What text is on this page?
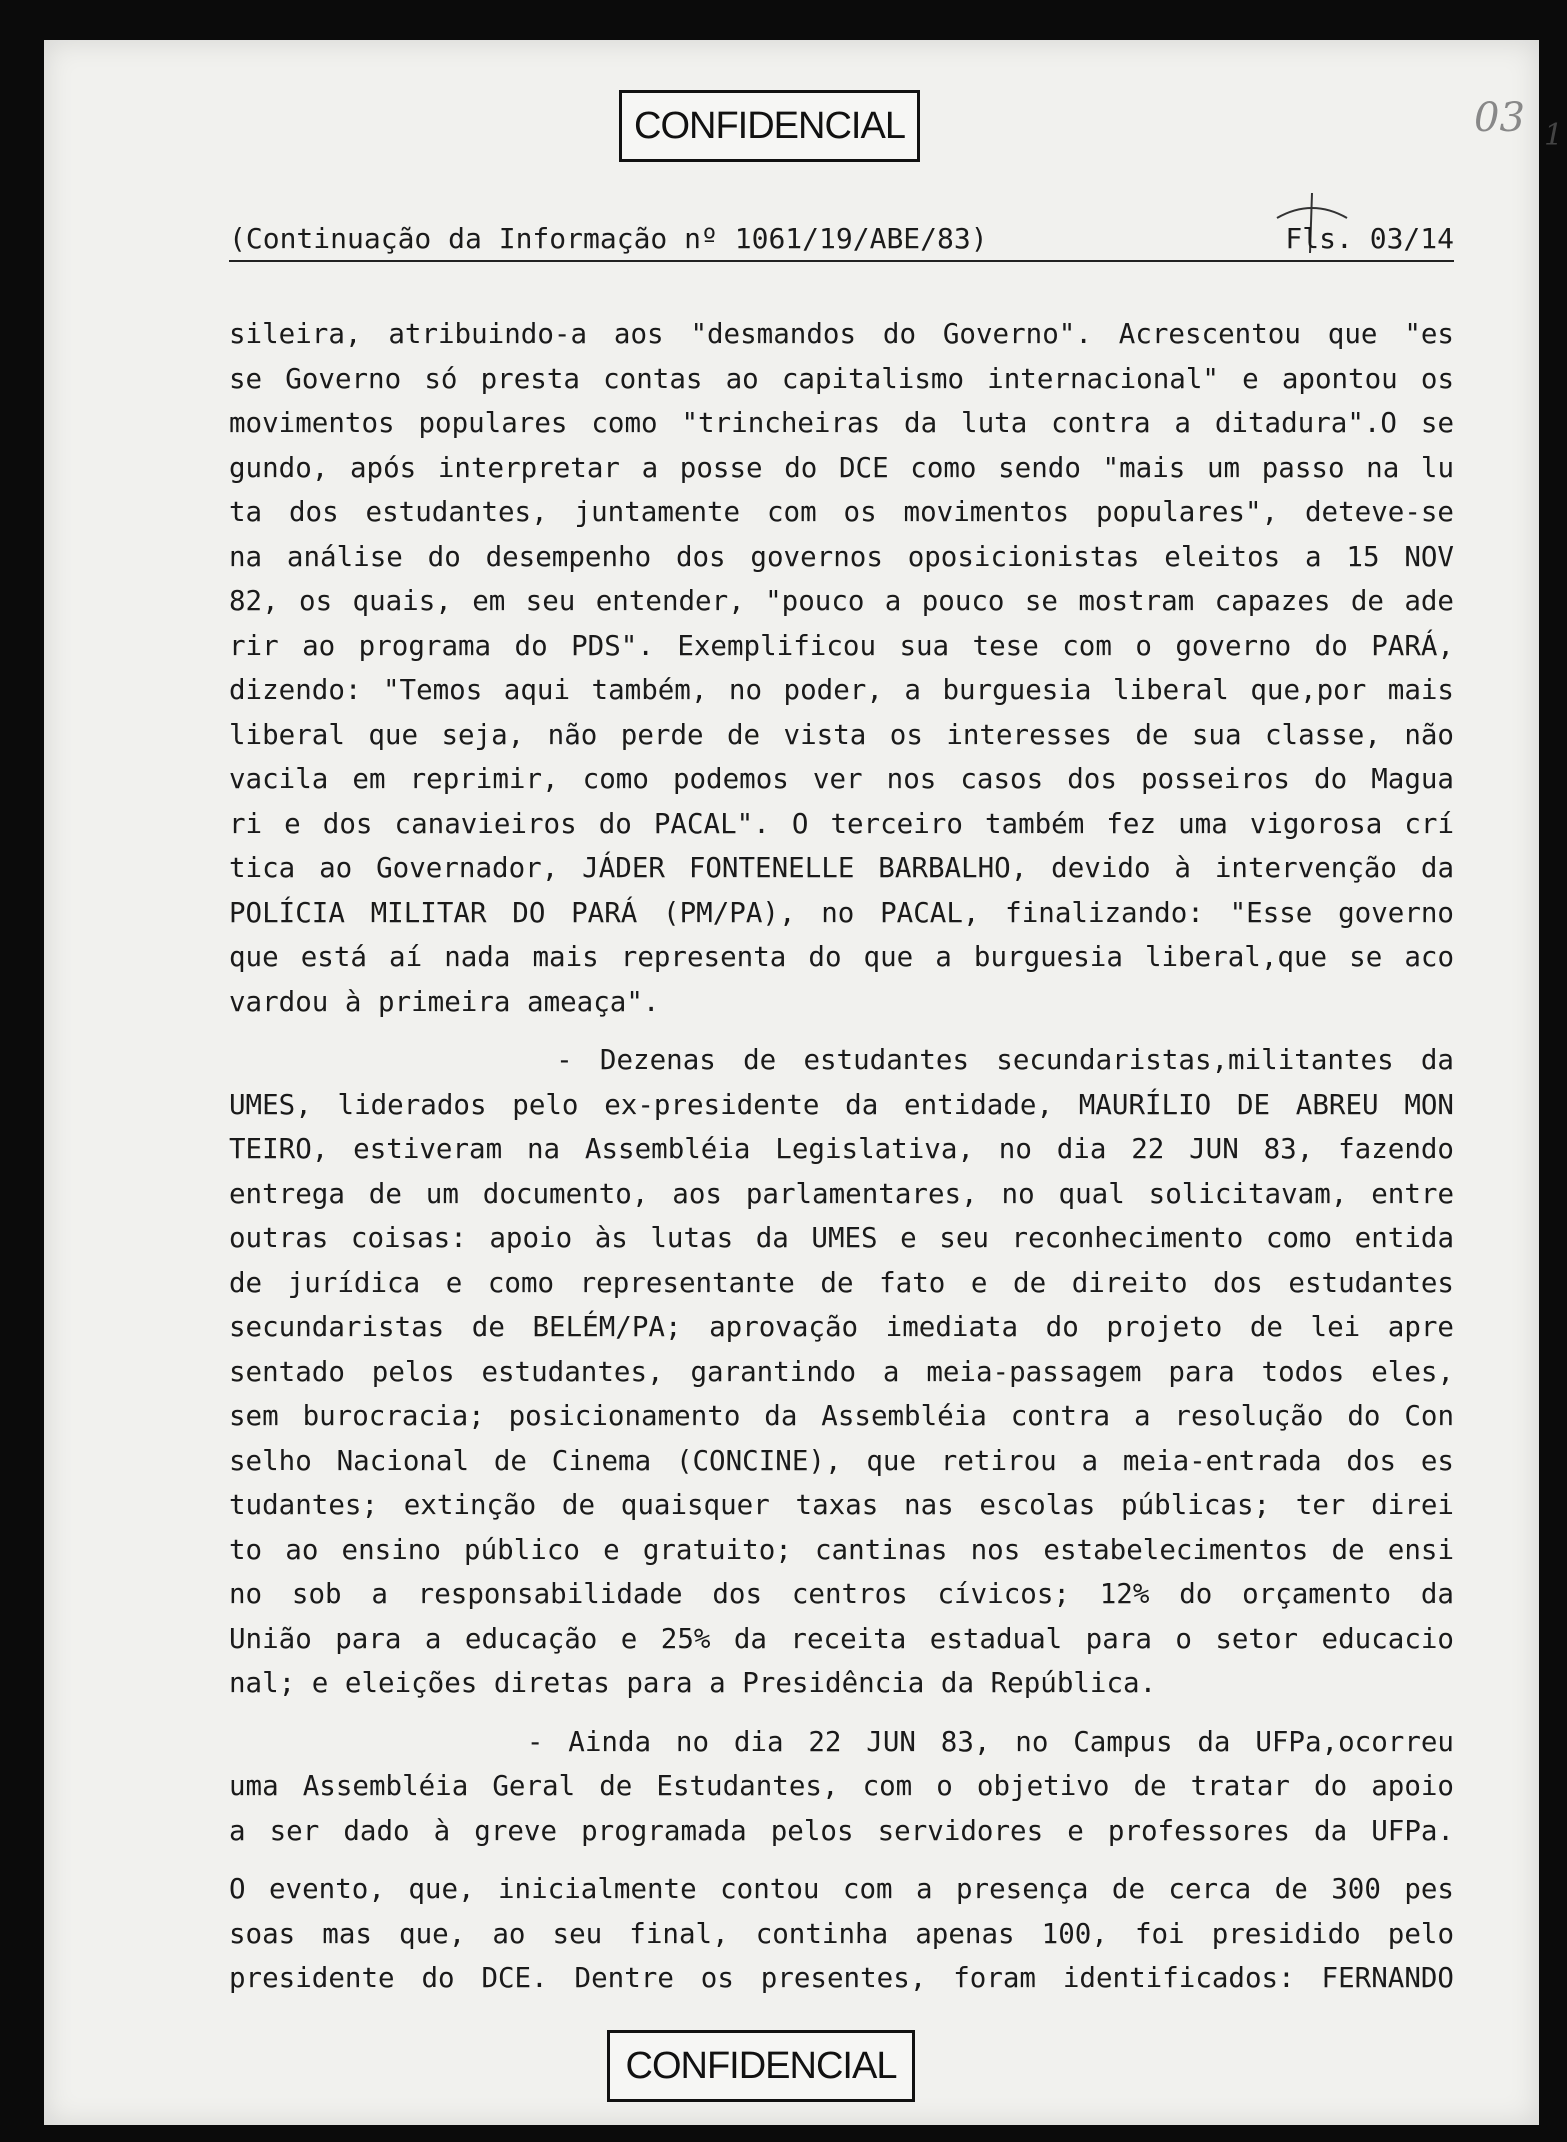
CONFIDENCIAL	03 1
(Continuação da Informação nº 1061/19/ABE/83)	Fls. 03/14
sileira, atribuindo-a aos "desmandos do Governo". Acrescentou que "es
se Governo só presta contas ao capitalismo internacional" e apontou os
movimentos populares como "trincheiras da luta contra a ditadura".O se
gundo, após interpretar a posse do DCE como sendo "mais um passo na lu
ta dos estudantes, juntamente com os movimentos populares", deteve-se
na análise do desempenho dos governos oposicionistas eleitos a 15 NOV
82, os quais, em seu entender, "pouco a pouco se mostram capazes de ade
rir ao programa do PDS". Exemplificou sua tese com o governo do PARÁ,
dizendo: "Temos aqui também, no poder, a burguesia liberal que,por mais
liberal que seja, não perde de vista os interesses de sua classe, não
vacila em reprimir, como podemos ver nos casos dos posseiros do Magua
ri e dos canavieiros do PACAL". O terceiro também fez uma vigorosa crí
tica ao Governador, JÁDER FONTENELLE BARBALHO, devido à intervenção da
POLÍCIA MILITAR DO PARÁ (PM/PA), no PACAL, finalizando: "Esse governo
que está aí nada mais representa do que a burguesia liberal,que se aco
vardou à primeira ameaça".
- Dezenas de estudantes secundaristas,militantes da
UMES, liderados pelo ex-presidente da entidade, MAURÍLIO DE ABREU MON
TEIRO, estiveram na Assembléia Legislativa, no dia 22 JUN 83, fazendo
entrega de um documento, aos parlamentares, no qual solicitavam, entre
outras coisas: apoio às lutas da UMES e seu reconhecimento como entida
de jurídica e como representante de fato e de direito dos estudantes
secundaristas de BELÉM/PA; aprovação imediata do projeto de lei apre
sentado pelos estudantes, garantindo a meia-passagem para todos eles,
sem burocracia; posicionamento da Assembléia contra a resolução do Con
selho Nacional de Cinema (CONCINE), que retirou a meia-entrada dos es
tudantes; extinção de quaisquer taxas nas escolas públicas; ter direi
to ao ensino público e gratuito; cantinas nos estabelecimentos de ensi
no sob a responsabilidade dos centros cívicos; 12% do orçamento da
União para a educação e 25% da receita estadual para o setor educacio
nal; e eleições diretas para a Presidência da República.
- Ainda no dia 22 JUN 83, no Campus da UFPa,ocorreu
uma Assembléia Geral de Estudantes, com o objetivo de tratar do apoio
a ser dado à greve programada pelos servidores e professores da UFPa.
O evento, que, inicialmente contou com a presença de cerca de 300 pes
soas mas que, ao seu final, continha apenas 100, foi presidido pelo
presidente do DCE. Dentre os presentes, foram identificados: FERNANDO
CONFIDENCIAL
